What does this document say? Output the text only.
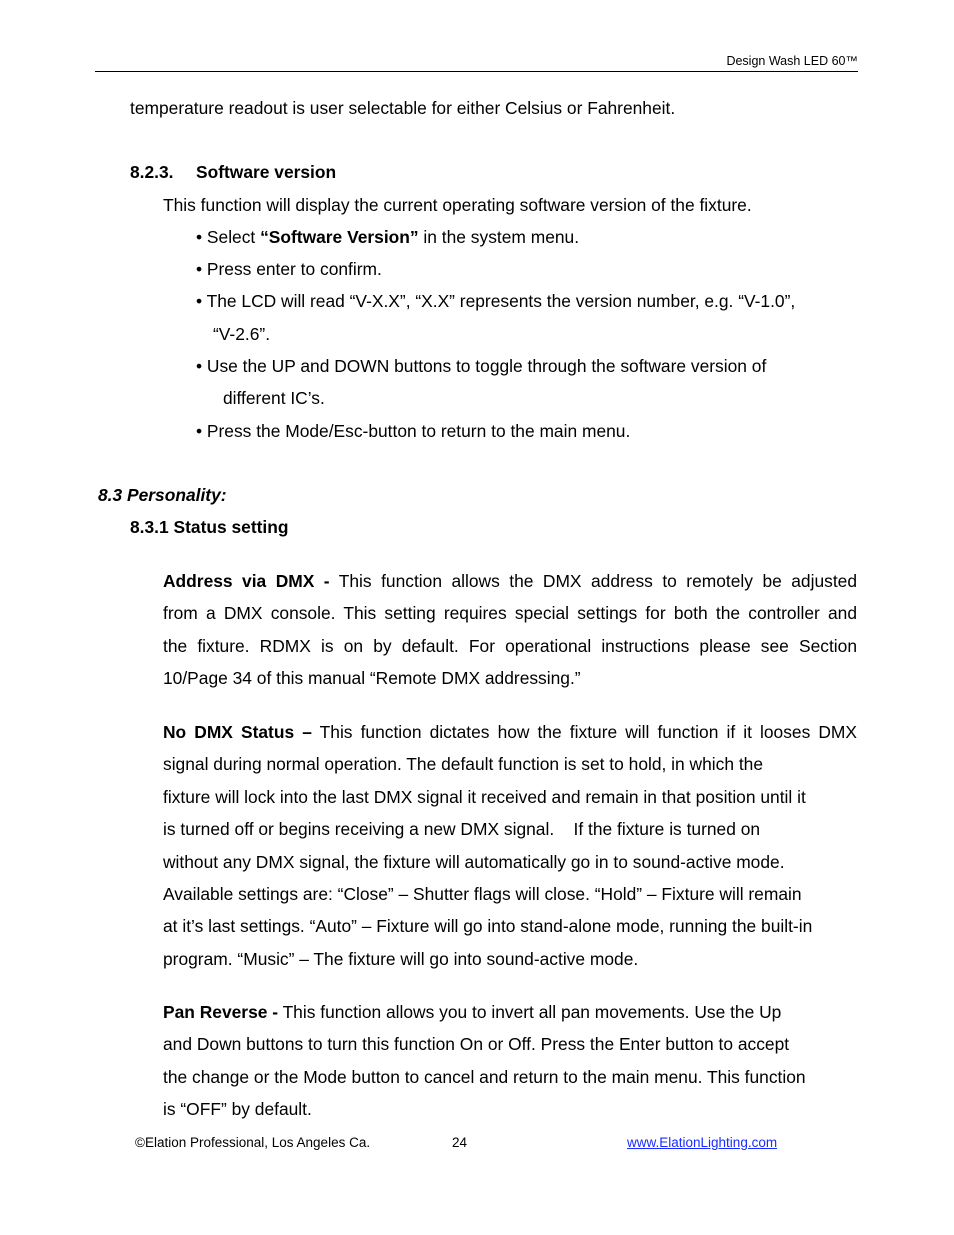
Design Wash LED 60™
temperature readout is user selectable for either Celsius or Fahrenheit.
8.2.3. Software version
This function will display the current operating software version of the fixture.
• Select “Software Version” in the system menu.
• Press enter to confirm.
• The LCD will read “V-X.X”, “X.X” represents the version number, e.g. “V-1.0”,
“V-2.6”.
• Use the UP and DOWN buttons to toggle through the software version of
different IC’s.
• Press the Mode/Esc-button to return to the main menu.
8.3 Personality:
8.3.1 Status setting
Address via DMX - This function allows the DMX address to remotely be adjusted
from a DMX console. This setting requires special settings for both the controller and
the fixture. RDMX is on by default. For operational instructions please see Section
10/Page 34 of this manual “Remote DMX addressing.”
No DMX Status – This function dictates how the fixture will function if it looses DMX
signal during normal operation. The default function is set to hold, in which the
fixture will lock into the last DMX signal it received and remain in that position until it
is turned off or begins receiving a new DMX signal.    If the fixture is turned on
without any DMX signal, the fixture will automatically go in to sound-active mode.
Available settings are: “Close” – Shutter flags will close. “Hold” – Fixture will remain
at it’s last settings. “Auto” – Fixture will go into stand-alone mode, running the built-in
program. “Music” – The fixture will go into sound-active mode.
Pan Reverse - This function allows you to invert all pan movements. Use the Up
and Down buttons to turn this function On or Off. Press the Enter button to accept
the change or the Mode button to cancel and return to the main menu. This function
is “OFF” by default.
©Elation Professional, Los Angeles Ca.	24	www.ElationLighting.com
